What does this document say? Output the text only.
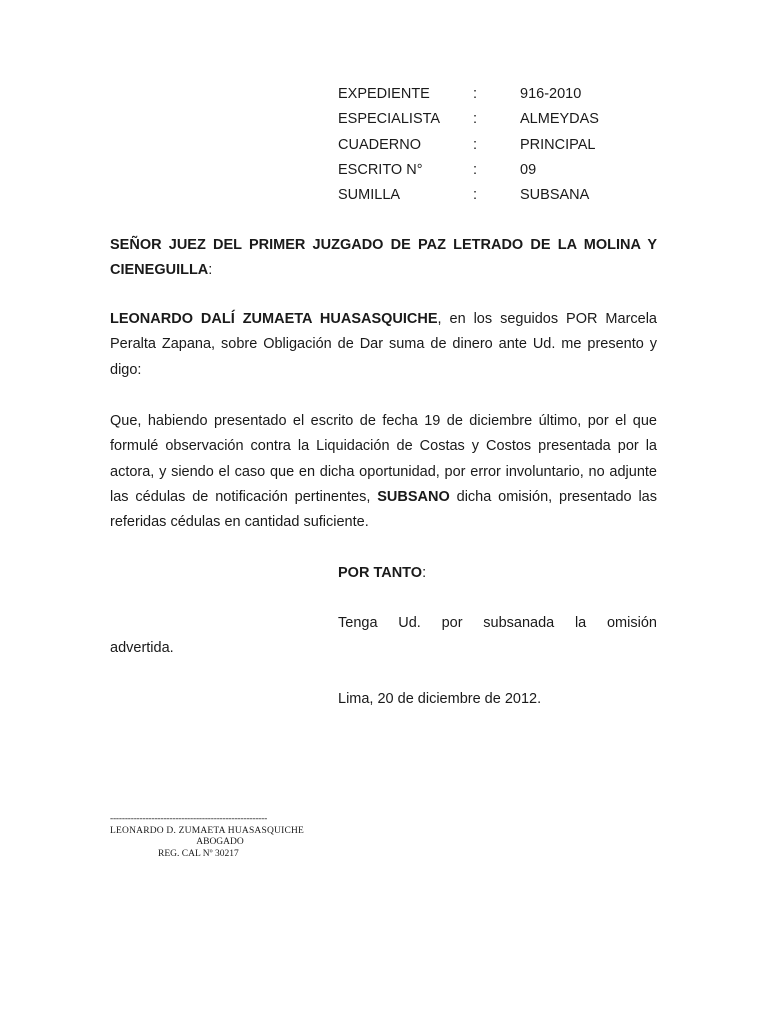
EXPEDIENTE	:	916-2010
ESPECIALISTA	:	ALMEYDAS
CUADERNO	:	PRINCIPAL
ESCRITO N°	:	09
SUMILLA	:	SUBSANA
SEÑOR JUEZ DEL PRIMER JUZGADO DE PAZ LETRADO DE LA MOLINA Y CIENEGUILLA:
LEONARDO DALÍ ZUMAETA HUASASQUICHE, en los seguidos POR Marcela Peralta Zapana, sobre Obligación de Dar suma de dinero ante Ud. me presento y digo:
Que, habiendo presentado el escrito de fecha 19 de diciembre último, por el que formulé observación contra la Liquidación de Costas y Costos presentada por la actora, y siendo el caso que en dicha oportunidad, por error involuntario, no adjunte las cédulas de notificación pertinentes, SUBSANO dicha omisión, presentado las referidas cédulas en cantidad suficiente.
POR TANTO:
Tenga Ud. por subsanada la omisión
advertida.
Lima, 20 de diciembre de 2012.
-----------------------------------------------------
LEONARDO D. ZUMAETA HUASASQUICHE
ABOGADO
REG. CAL Nº 30217
